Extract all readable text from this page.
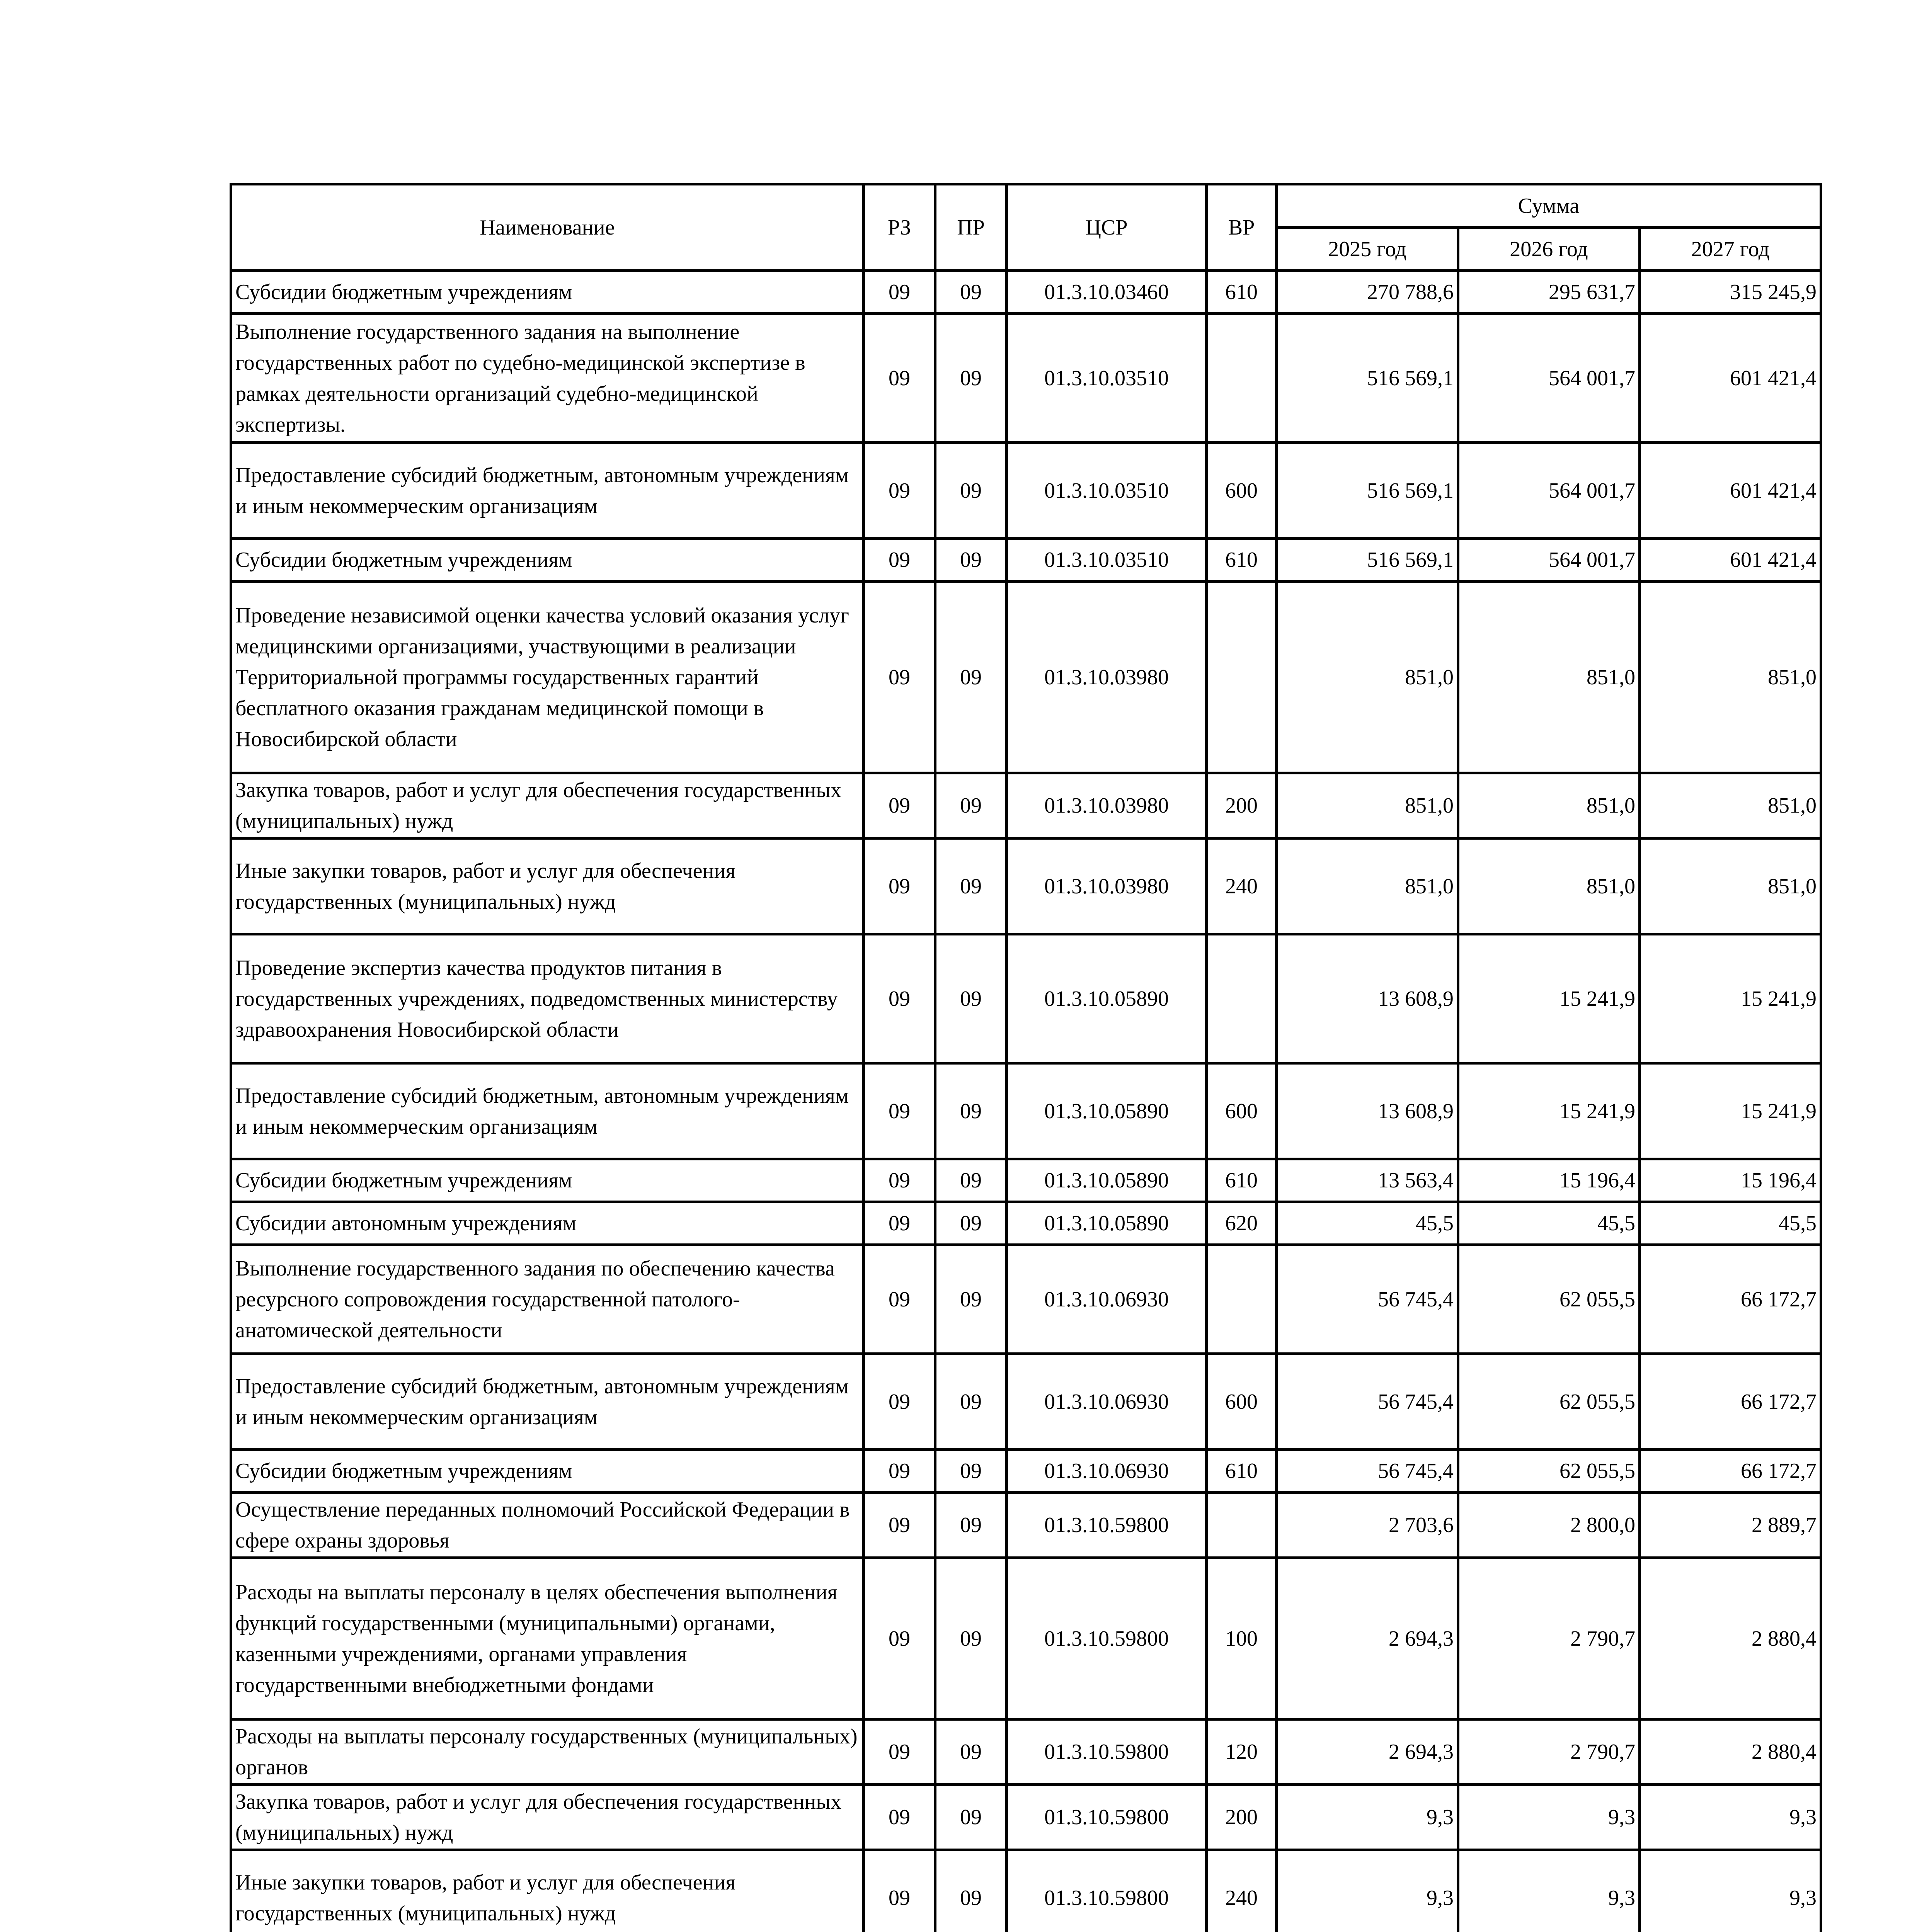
Наименование	РЗ	ПР	ЦСР	ВР	Сумма		
					2025 год	2026 год	2027 год
Субсидии бюджетным учреждениям	09	09	01.3.10.03460	610	270 788,6	295 631,7	315 245,9
Выполнение государственного задания на выполнение государственных работ по судебно-медицинской экспертизе в рамках деятельности организаций судебно-медицинской экспертизы.	09	09	01.3.10.03510		516 569,1	564 001,7	601 421,4
Предоставление субсидий бюджетным, автономным учреждениям и иным некоммерческим организациям	09	09	01.3.10.03510	600	516 569,1	564 001,7	601 421,4
Субсидии бюджетным учреждениям	09	09	01.3.10.03510	610	516 569,1	564 001,7	601 421,4
Проведение независимой оценки качества условий оказания услуг медицинскими организациями, участвующими в реализации Территориальной программы государственных гарантий бесплатного оказания гражданам медицинской помощи в Новосибирской области	09	09	01.3.10.03980		851,0	851,0	851,0
Закупка товаров, работ и услуг для обеспечения государственных (муниципальных) нужд	09	09	01.3.10.03980	200	851,0	851,0	851,0
Иные закупки товаров, работ и услуг для обеспечения государственных (муниципальных) нужд	09	09	01.3.10.03980	240	851,0	851,0	851,0
Проведение экспертиз качества продуктов питания в государственных учреждениях, подведомственных министерству здравоохранения Новосибирской области	09	09	01.3.10.05890		13 608,9	15 241,9	15 241,9
Предоставление субсидий бюджетным, автономным учреждениям и иным некоммерческим организациям	09	09	01.3.10.05890	600	13 608,9	15 241,9	15 241,9
Субсидии бюджетным учреждениям	09	09	01.3.10.05890	610	13 563,4	15 196,4	15 196,4
Субсидии автономным учреждениям	09	09	01.3.10.05890	620	45,5	45,5	45,5
Выполнение государственного задания по обеспечению качества ресурсного сопровождения государственной патолого-анатомической деятельности	09	09	01.3.10.06930		56 745,4	62 055,5	66 172,7
Предоставление субсидий бюджетным, автономным учреждениям и иным некоммерческим организациям	09	09	01.3.10.06930	600	56 745,4	62 055,5	66 172,7
Субсидии бюджетным учреждениям	09	09	01.3.10.06930	610	56 745,4	62 055,5	66 172,7
Осуществление переданных полномочий Российской Федерации в сфере охраны здоровья	09	09	01.3.10.59800		2 703,6	2 800,0	2 889,7
Расходы на выплаты персоналу в целях обеспечения выполнения функций государственными (муниципальными) органами, казенными учреждениями, органами управления государственными внебюджетными фондами	09	09	01.3.10.59800	100	2 694,3	2 790,7	2 880,4
Расходы на выплаты персоналу государственных (муниципальных) органов	09	09	01.3.10.59800	120	2 694,3	2 790,7	2 880,4
Закупка товаров, работ и услуг для обеспечения государственных (муниципальных) нужд	09	09	01.3.10.59800	200	9,3	9,3	9,3
Иные закупки товаров, работ и услуг для обеспечения государственных (муниципальных) нужд	09	09	01.3.10.59800	240	9,3	9,3	9,3
